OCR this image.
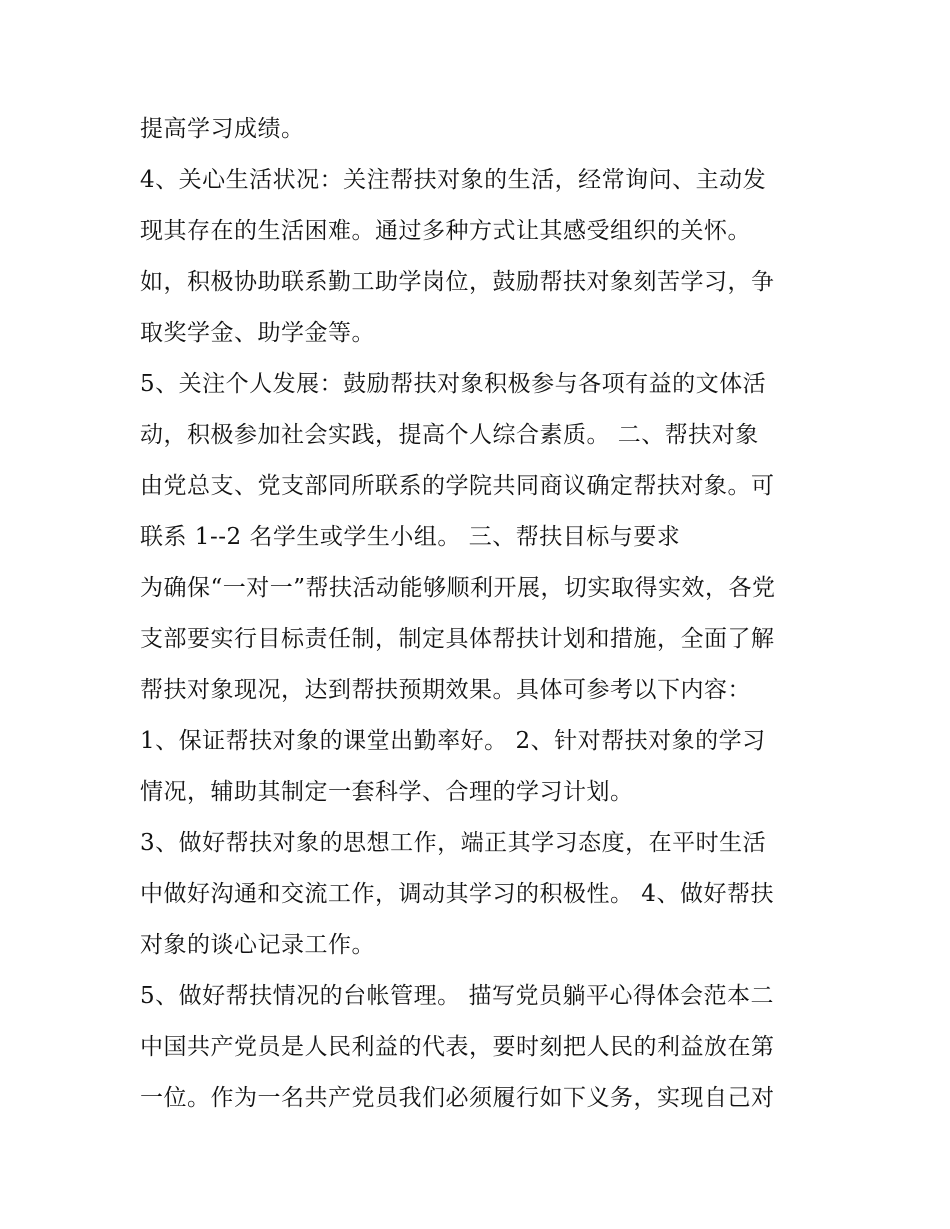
提高学习成绩。
4、关心生活状况：关注帮扶对象的生活，经常询问、主动发
现其存在的生活困难。通过多种方式让其感受组织的关怀。
如，积极协助联系勤工助学岗位，鼓励帮扶对象刻苦学习，争
取奖学金、助学金等。
5、关注个人发展：鼓励帮扶对象积极参与各项有益的文体活
动，积极参加社会实践，提高个人综合素质。 二、帮扶对象
由党总支、党支部同所联系的学院共同商议确定帮扶对象。可
联系 1--2 名学生或学生小组。 三、帮扶目标与要求
为确保“一对一”帮扶活动能够顺利开展，切实取得实效，各党
支部要实行目标责任制，制定具体帮扶计划和措施，全面了解
帮扶对象现况，达到帮扶预期效果。具体可参考以下内容：
1、保证帮扶对象的课堂出勤率好。 2、针对帮扶对象的学习
情况，辅助其制定一套科学、合理的学习计划。
3、做好帮扶对象的思想工作，端正其学习态度，在平时生活
中做好沟通和交流工作，调动其学习的积极性。 4、做好帮扶
对象的谈心记录工作。
5、做好帮扶情况的台帐管理。 描写党员躺平心得体会范本二
中国共产党员是人民利益的代表，要时刻把人民的利益放在第
一位。作为一名共产党员我们必须履行如下义务，实现自己对
